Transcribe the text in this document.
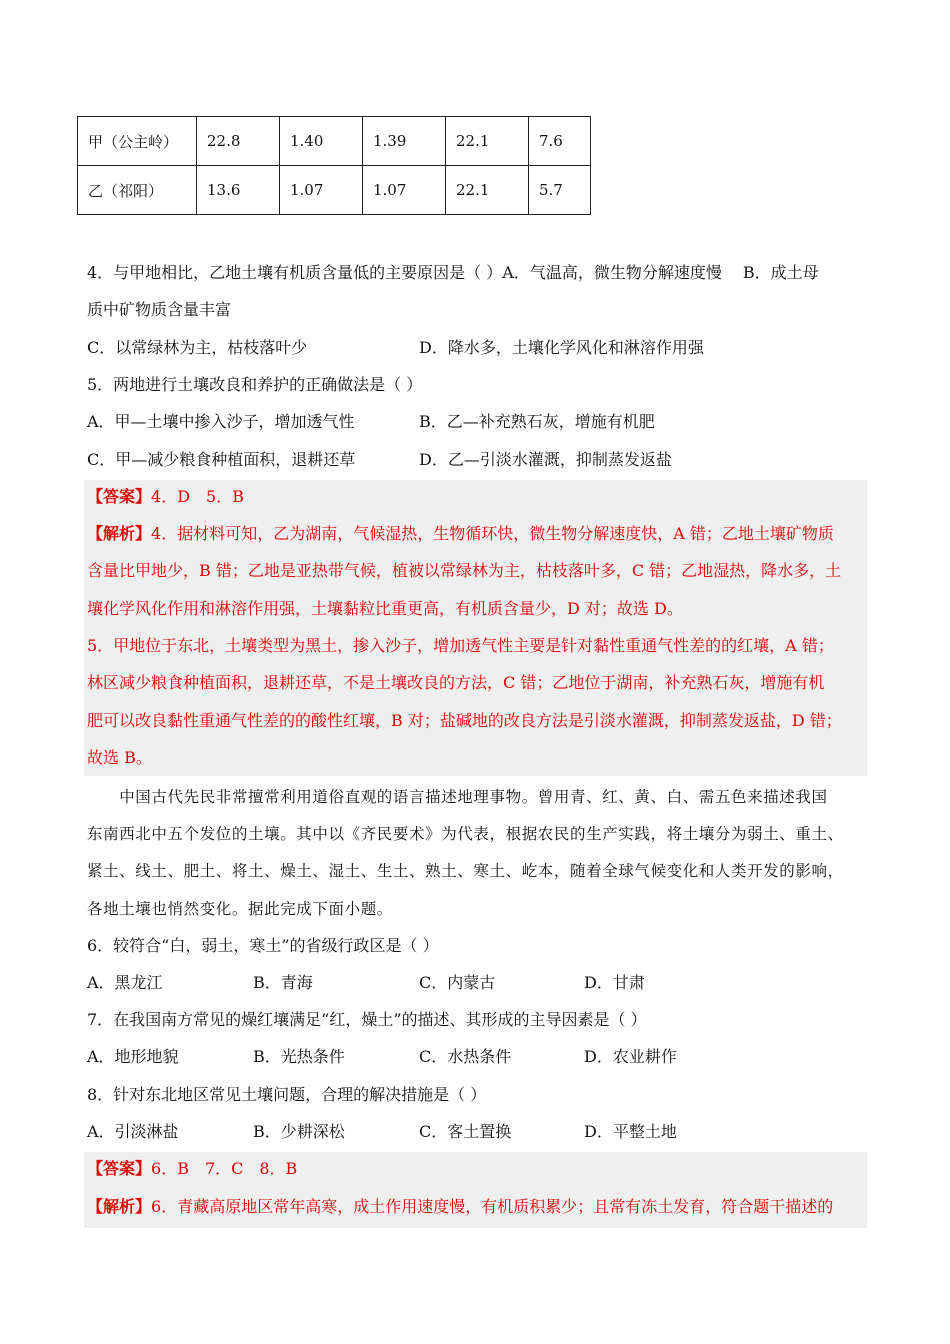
甲（公主岭）	22.8	1.40	1.39	22.1	7.6
乙（祁阳）	13.6	1.07	1.07	22.1	5.7
4．与甲地相比，乙地土壤有机质含量低的主要原因是（ ）A．气温高，微生物分解速度慢 　B．成土母
质中矿物质含量丰富
C．以常绿林为主，枯枝落叶少	D．降水多，土壤化学风化和淋溶作用强
5．两地进行土壤改良和养护的正确做法是（ ）
A．甲—土壤中掺入沙子，增加透气性	B．乙—补充熟石灰，增施有机肥
C．甲—减少粮食种植面积，退耕还草	D．乙—引淡水灌溉，抑制蒸发返盐
【答案】4．D　5．B
【解析】4．据材料可知，乙为湖南，气候湿热，生物循环快，微生物分解速度快，A 错；乙地土壤矿物质
含量比甲地少，B 错；乙地是亚热带气候，植被以常绿林为主，枯枝落叶多，C 错；乙地湿热，降水多，土
壤化学风化作用和淋溶作用强，土壤黏粒比重更高，有机质含量少，D 对；故选 D。
5．甲地位于东北，土壤类型为黑土，掺入沙子，增加透气性主要是针对黏性重通气性差的的红壤，A 错；
林区减少粮食种植面积，退耕还草，不是土壤改良的方法，C 错；乙地位于湖南，补充熟石灰，增施有机
肥可以改良黏性重通气性差的的酸性红壤，B 对；盐碱地的改良方法是引淡水灌溉，抑制蒸发返盐，D 错；
故选 B。
　　中国古代先民非常擅常利用道俗直观的语言描述地理事物。曾用青、红、黄、白、需五色来描述我国
东南西北中五个发位的土壤。其中以《齐民要术》为代表，根据农民的生产实践，将土壤分为弱土、重土、
紧土、线土、肥土、将土、燥土、湿土、生土、熟土、寒土、屹本，随着全球气候变化和人类开发的影响，
各地土壤也悄然变化。据此完成下面小题。
6．较符合“白，弱土，寒土”的省级行政区是（ ）
A．黑龙江	B．青海	C．内蒙古	D．甘肃
7．在我国南方常见的燥红壤满足“红，燥土”的描述、其形成的主导因素是（ ）
A．地形地貌	B．光热条件	C．水热条件	D．农业耕作
8．针对东北地区常见土壤问题，合理的解决措施是（ ）
A．引淡淋盐	B．少耕深松	C．客土置换	D．平整土地
【答案】6．B　7．C　8．B
【解析】6．青藏高原地区常年高寒，成土作用速度慢，有机质积累少；且常有冻土发育，符合题干描述的
